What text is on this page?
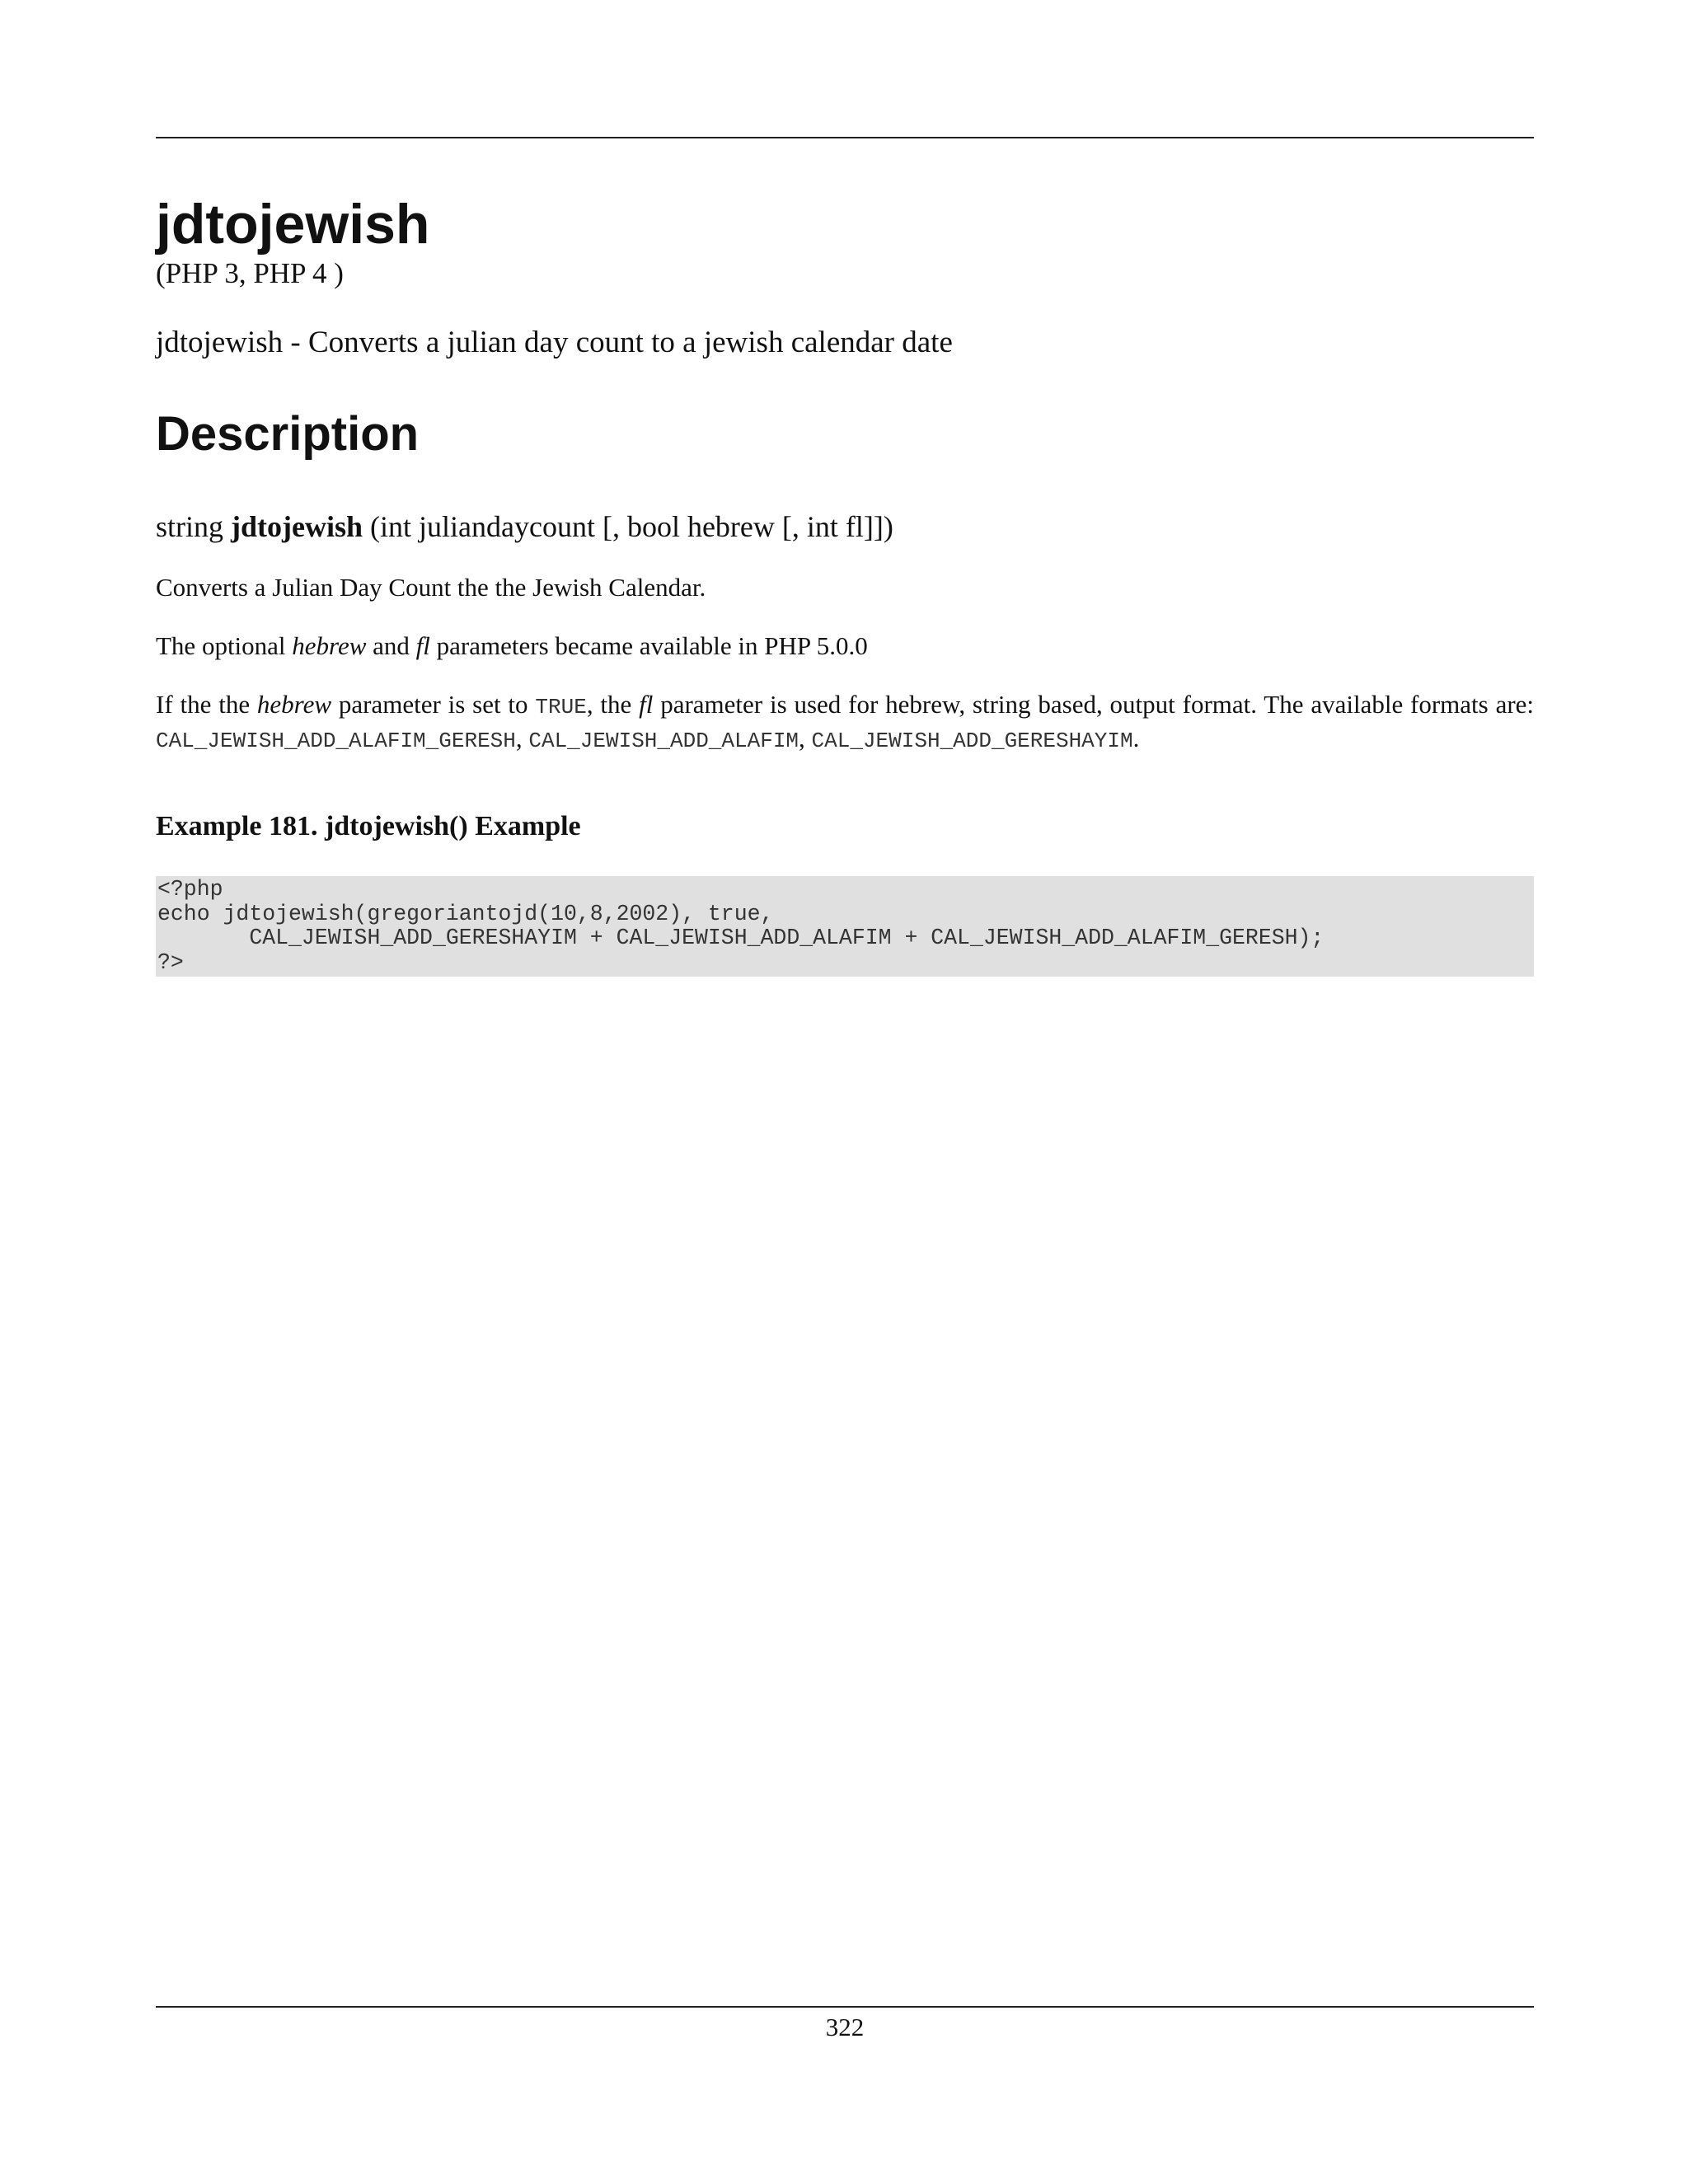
jdtojewish
(PHP 3, PHP 4 )
jdtojewish - Converts a julian day count to a jewish calendar date
Description
string jdtojewish (int juliandaycount [, bool hebrew [, int fl]])

Converts a Julian Day Count the the Jewish Calendar.

The optional hebrew and fl parameters became available in PHP 5.0.0

If the the hebrew parameter is set to TRUE, the fl parameter is used for hebrew, string based, output format. The available formats are: CAL_JEWISH_ADD_ALAFIM_GERESH, CAL_JEWISH_ADD_ALAFIM, CAL_JEWISH_ADD_GERESHAYIM.

Example 181. jdtojewish() Example
<?php
echo jdtojewish(gregoriantojd(10,8,2002), true,
CAL_JEWISH_ADD_GERESHAYIM + CAL_JEWISH_ADD_ALAFIM + CAL_JEWISH_ADD_ALAFIM_GERESH);
?>
322
